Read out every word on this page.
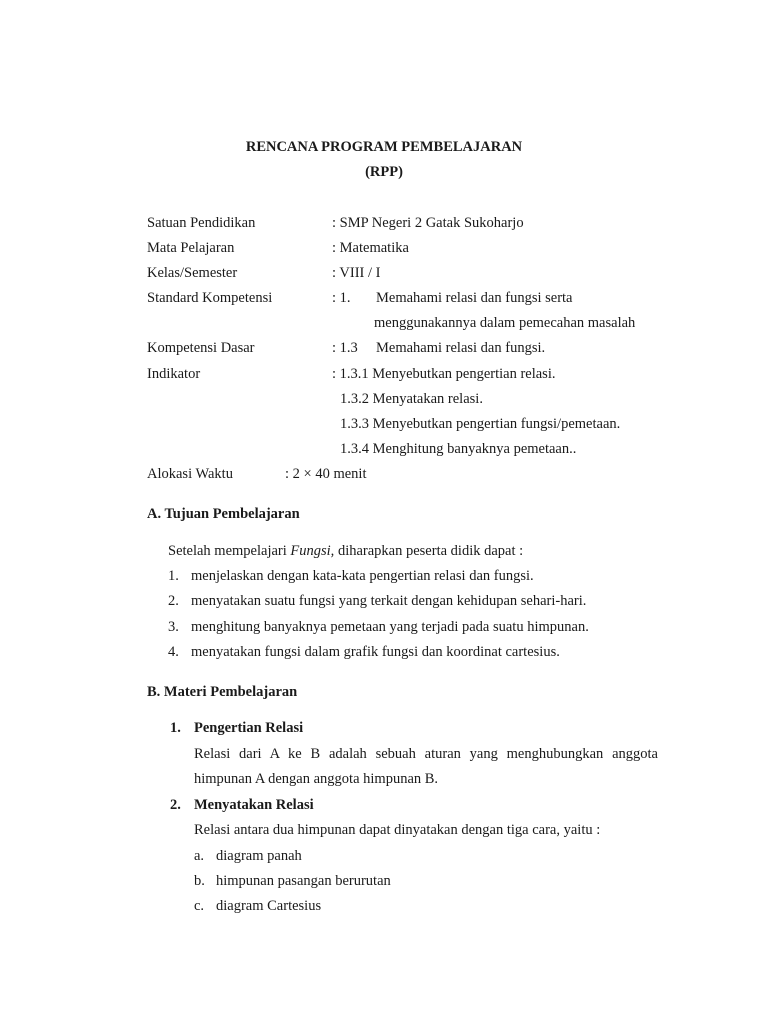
RENCANA PROGRAM PEMBELAJARAN
(RPP)
Satuan Pendidikan	: SMP Negeri 2 Gatak Sukoharjo
Mata Pelajaran	: Matematika
Kelas/Semester	: VIII / I
Standard Kompetensi	: 1. Memahami relasi dan fungsi serta
menggunakannya dalam pemecahan masalah
Kompetensi Dasar	: 1.3 Memahami relasi dan fungsi.
Indikator	: 1.3.1 Menyebutkan pengertian relasi.
1.3.2 Menyatakan relasi.
1.3.3 Menyebutkan pengertian fungsi/pemetaan.
1.3.4 Menghitung banyaknya pemetaan..
Alokasi Waktu	: 2 × 40 menit
A. Tujuan Pembelajaran
Setelah mempelajari Fungsi, diharapkan peserta didik dapat :
1. menjelaskan dengan kata-kata pengertian relasi dan fungsi.
2. menyatakan suatu fungsi yang terkait dengan kehidupan sehari-hari.
3. menghitung banyaknya pemetaan yang terjadi pada suatu himpunan.
4. menyatakan fungsi dalam grafik fungsi dan koordinat cartesius.
B. Materi Pembelajaran
1. Pengertian Relasi
Relasi dari A ke B adalah sebuah aturan yang menghubungkan anggota
himpunan A dengan anggota himpunan B.
2. Menyatakan Relasi
Relasi antara dua himpunan dapat dinyatakan dengan tiga cara, yaitu :
a. diagram panah
b. himpunan pasangan berurutan
c. diagram Cartesius
